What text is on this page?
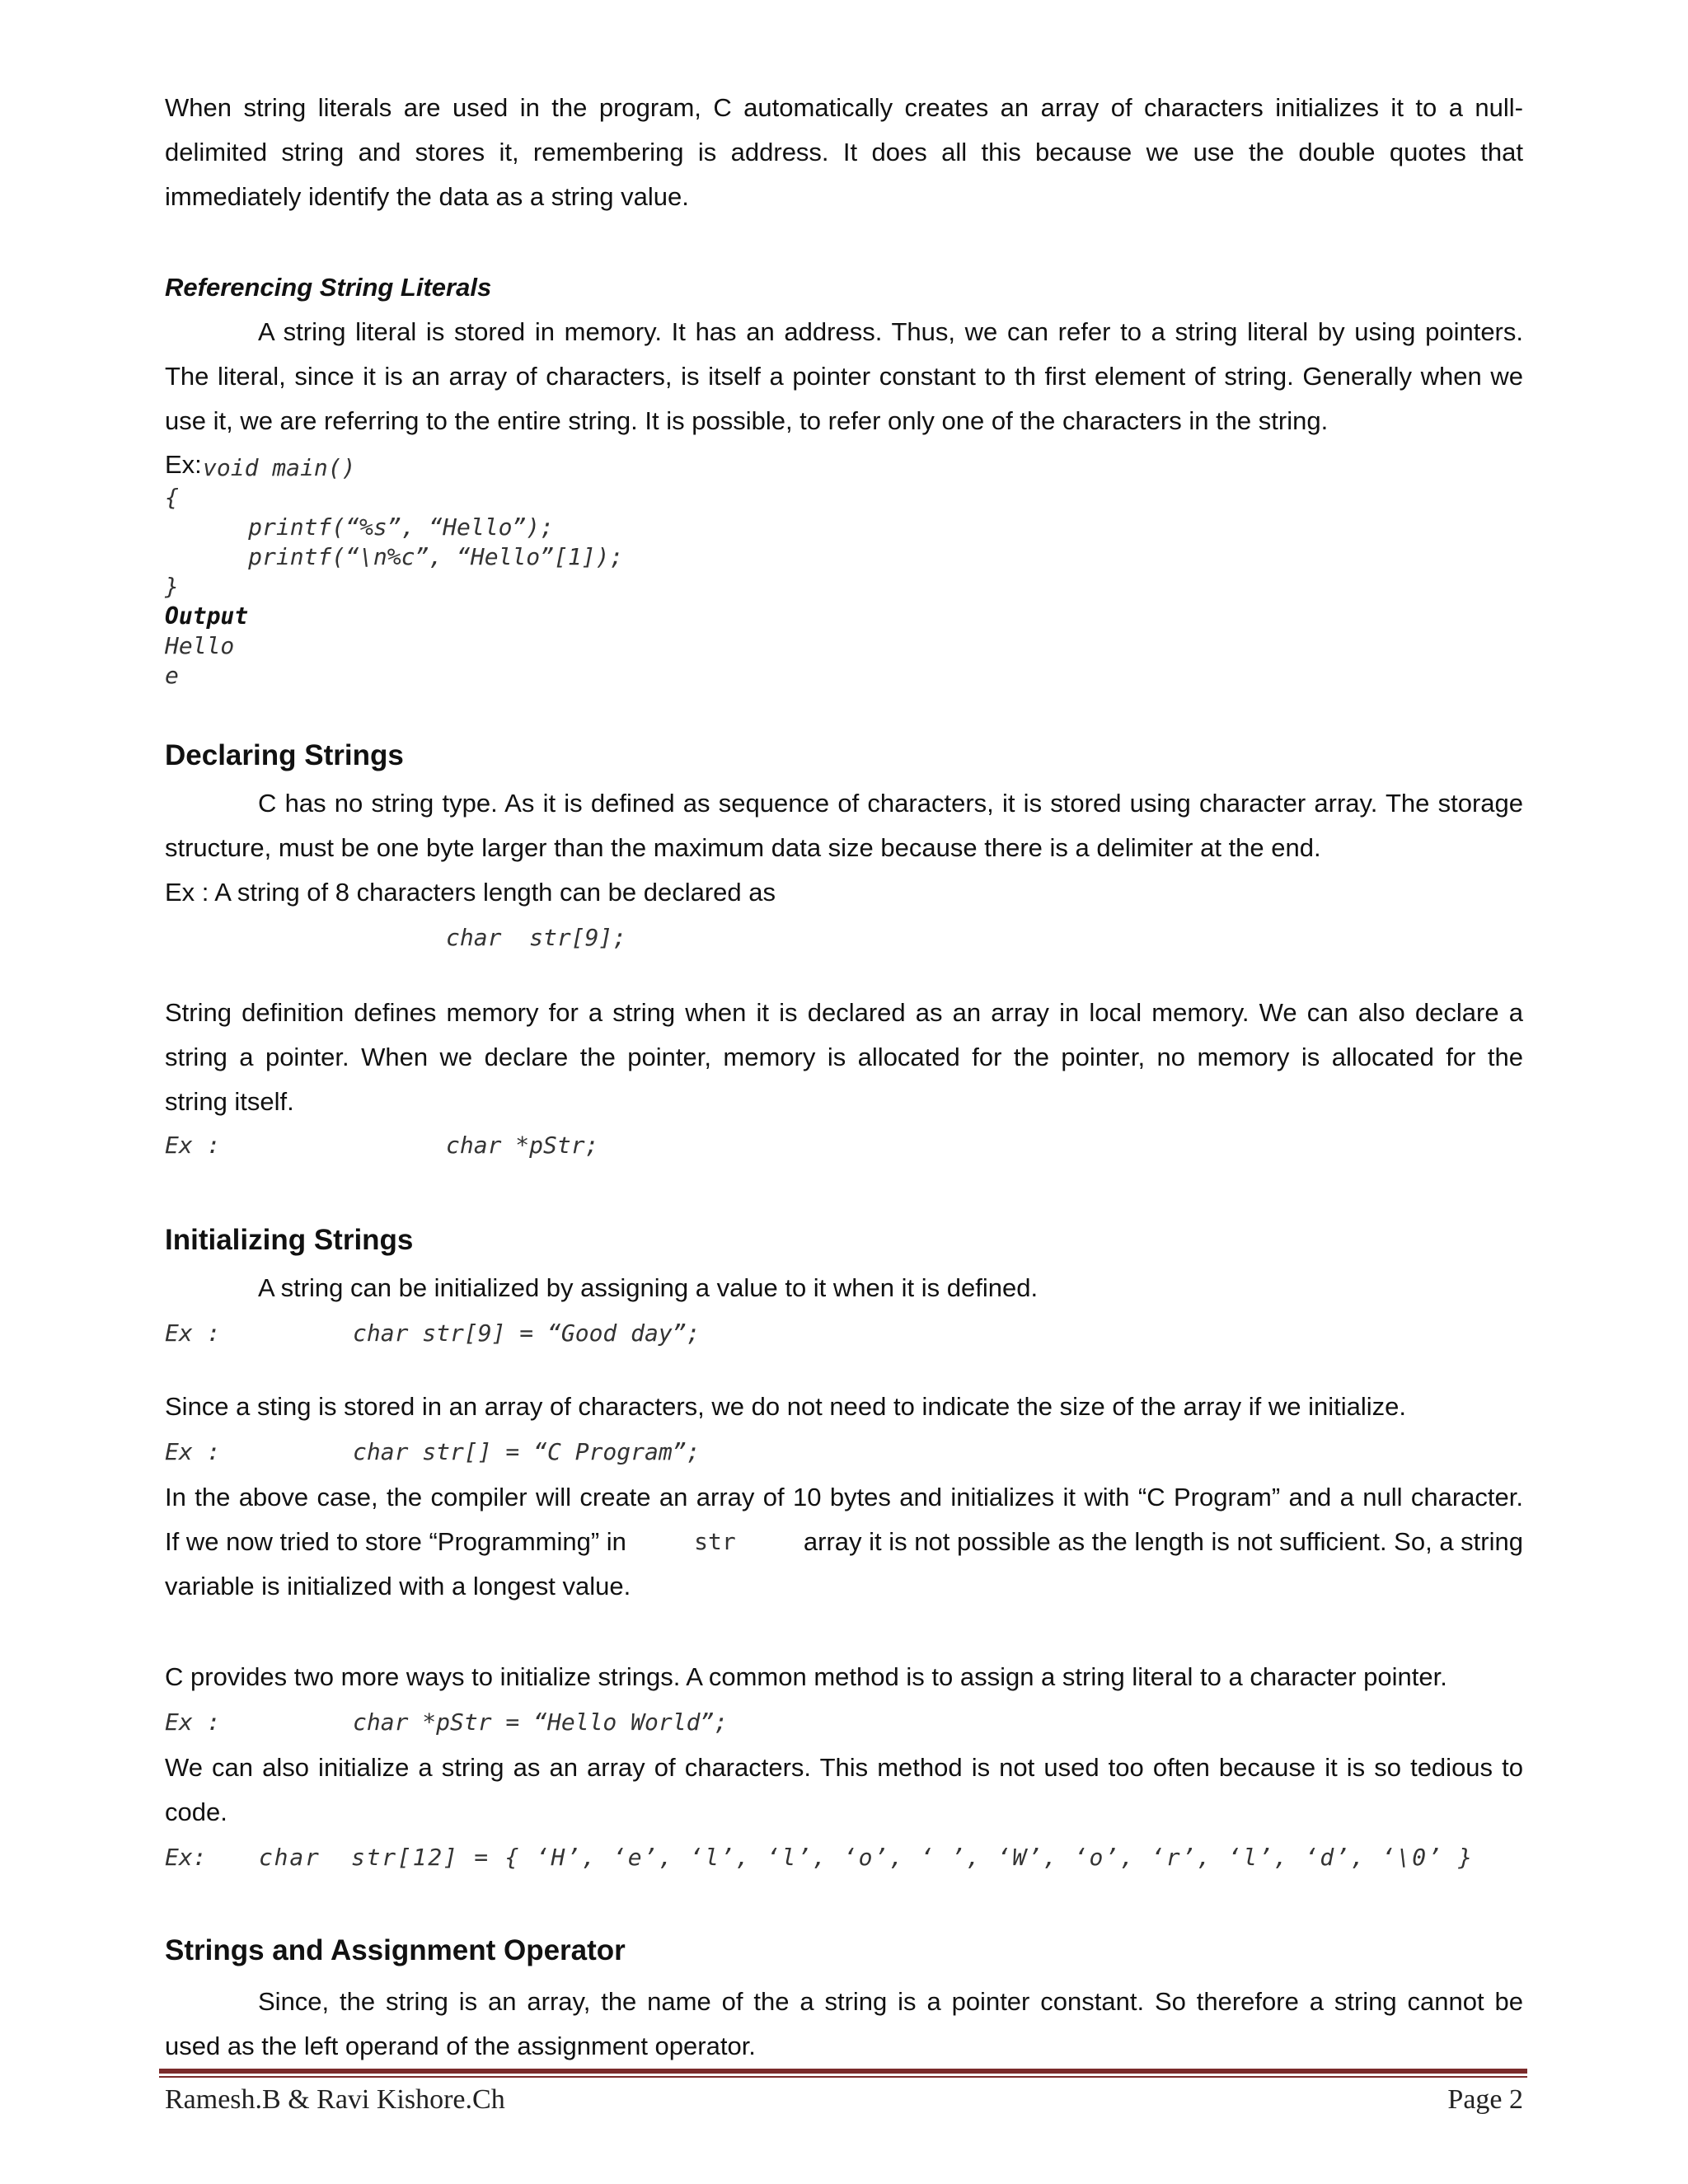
When string literals are used in the program, C automatically creates an array of characters initializes it to a null-
delimited string and stores it, remembering is address. It does all this because we use the double quotes that
immediately identify the data as a string value.
Referencing String Literals
A string literal is stored in memory. It has an address. Thus, we can refer to a string literal by using pointers.
The literal, since it is an array of characters, is itself a pointer constant to th first element of string. Generally when we
use it, we are referring to the entire string. It is possible, to refer only one of the characters in the string.
Ex: void main()
{
printf(“%s”, “Hello”);
printf(“\n%c”, “Hello”[1]);
}
Output
Hello
e
Declaring Strings
C has no string type. As it is defined as sequence of characters, it is stored using character array. The storage
structure, must be one byte larger than the maximum data size because there is a delimiter at the end.
Ex : A string of 8 characters length can be declared as
char  str[9];
String definition defines memory for a string when it is declared as an array in local memory. We can also declare a
string a pointer. When we declare the pointer, memory is allocated for the pointer, no memory is allocated for the
string itself.
Ex :	char *pStr;
Initializing Strings
A string can be initialized by assigning a value to it when it is defined.
Ex :	char str[9] = “Good day”;
Since a sting is stored in an array of characters, we do not need to indicate the size of the array if we initialize.
Ex :	char str[] = “C Program”;
In the above case, the compiler will create an array of 10 bytes and initializes it with “C Program” and a null character.
If we now tried to store “Programming” in	str	array it is not possible as the length is not sufficient. So, a string
variable is initialized with a longest value.
C provides two more ways to initialize strings. A common method is to assign a string literal to a character pointer.
Ex :	char *pStr = “Hello World”;
We can also initialize a string as an array of characters. This method is not used too often because it is so tedious to
code.
Ex: char  str[12] = { ‘H’, ‘e’, ‘l’, ‘l’, ‘o’, ‘ ’, ‘W’, ‘o’, ‘r’, ‘l’, ‘d’, ‘\0’ }
Strings and Assignment Operator
Since, the string is an array, the name of the a string is a pointer constant. So therefore a string cannot be
used as the left operand of the assignment operator.
Ramesh.B & Ravi Kishore.Ch	Page 2
